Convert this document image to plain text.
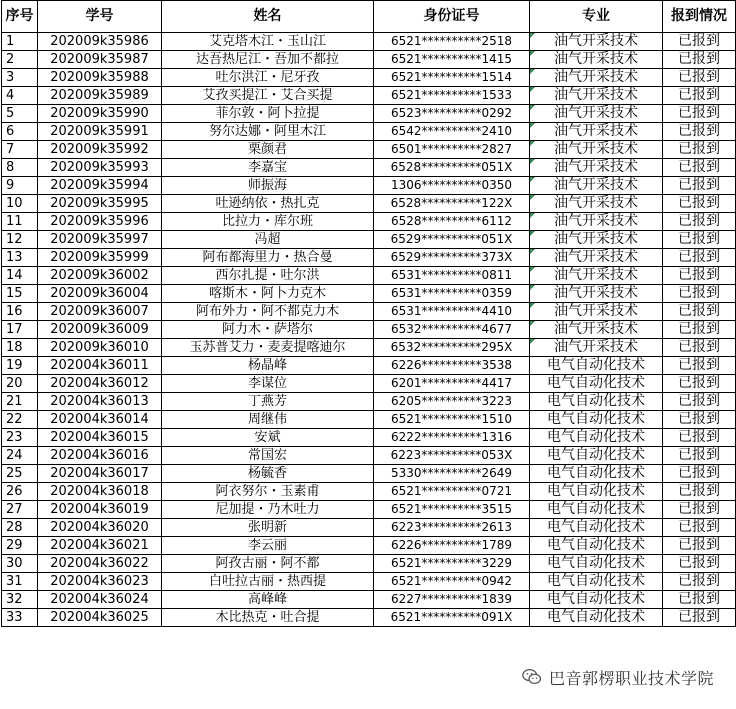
序号	学号	姓名	身份证号	专业	报到情况
1	202009k35986	艾克塔木江・玉山江	6521**********2518	油气开采技术	已报到
2	202009k35987	达吾热尼江・吾加不都拉	6521**********1415	油气开采技术	已报到
3	202009k35988	吐尔洪江・尼牙孜	6521**********1514	油气开采技术	已报到
4	202009k35989	艾孜买提江・艾合买提	6521**********1533	油气开采技术	已报到
5	202009k35990	菲尔敦・阿卜拉提	6523**********0292	油气开采技术	已报到
6	202009k35991	努尔达娜・阿里木江	6542**********2410	油气开采技术	已报到
7	202009k35992	栗颜君	6501**********2827	油气开采技术	已报到
8	202009k35993	李嘉宝	6528**********051X	油气开采技术	已报到
9	202009k35994	师振海	1306**********0350	油气开采技术	已报到
10	202009k35995	吐逊纳依・热扎克	6528**********122X	油气开采技术	已报到
11	202009k35996	比拉力・库尔班	6528**********6112	油气开采技术	已报到
12	202009k35997	冯超	6529**********051X	油气开采技术	已报到
13	202009k35999	阿布都海里力・热合曼	6529**********373X	油气开采技术	已报到
14	202009k36002	西尔扎提・吐尔洪	6531**********0811	油气开采技术	已报到
15	202009k36004	喀斯木・阿卜力克木	6531**********0359	油气开采技术	已报到
16	202009k36007	阿布外力・阿不都克力木	6531**********4410	油气开采技术	已报到
17	202009k36009	阿力木・萨塔尔	6532**********4677	油气开采技术	已报到
18	202009k36010	玉苏普艾力・麦麦提喀迪尔	6532**********295X	油气开采技术	已报到
19	202004k36011	杨晶峰	6226**********3538	电气自动化技术	已报到
20	202004k36012	李谋位	6201**********4417	电气自动化技术	已报到
21	202004k36013	丁燕芳	6205**********3223	电气自动化技术	已报到
22	202004k36014	周继伟	6521**********1510	电气自动化技术	已报到
23	202004k36015	安斌	6222**********1316	电气自动化技术	已报到
24	202004k36016	常国宏	6223**********053X	电气自动化技术	已报到
25	202004k36017	杨毓香	5330**********2649	电气自动化技术	已报到
26	202004k36018	阿衣努尔・玉素甫	6521**********0721	电气自动化技术	已报到
27	202004k36019	尼加提・乃木吐力	6521**********3515	电气自动化技术	已报到
28	202004k36020	张明新	6223**********2613	电气自动化技术	已报到
29	202004k36021	李云丽	6226**********1789	电气自动化技术	已报到
30	202004k36022	阿孜古丽・阿不都	6521**********3229	电气自动化技术	已报到
31	202004k36023	白吐拉古丽・热西提	6521**********0942	电气自动化技术	已报到
32	202004k36024	高峰峰	6227**********1839	电气自动化技术	已报到
33	202004k36025	木比热克・吐合提	6521**********091X	电气自动化技术	已报到
巴音郭楞职业技术学院
